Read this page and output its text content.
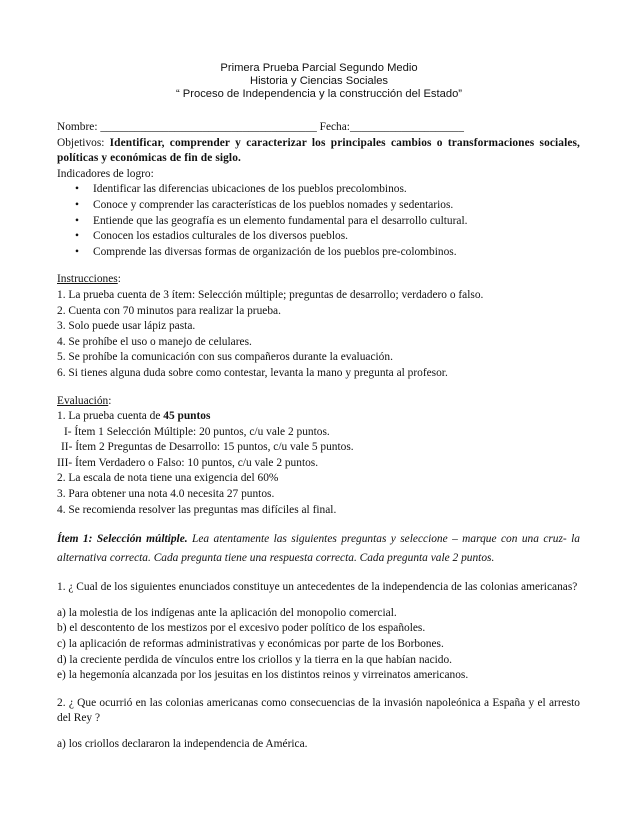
Primera Prueba Parcial Segundo Medio
Historia y Ciencias Sociales
“ Proceso de Independencia y la construcción del Estado”

Nombre: ______________________________________ Fecha:____________________

Objetivos: Identificar, comprender y caracterizar los principales cambios o transformaciones sociales, políticas y económicas de fin de siglo.

Indicadores de logro:

• Identificar las diferencias ubicaciones de los pueblos precolombinos.
• Conoce y comprender las características de los pueblos nomades y sedentarios.
• Entiende que las geografía es un elemento fundamental para el desarrollo cultural.
• Conocen los estadios culturales de los diversos pueblos.
• Comprende las diversas formas de organización de los pueblos pre-colombinos.

Instrucciones:

1. La prueba cuenta de 3 ítem: Selección múltiple; preguntas de desarrollo; verdadero o falso.

2. Cuenta con 70 minutos para realizar la prueba.

3. Solo puede usar lápiz pasta.

4. Se prohíbe el uso o manejo de celulares.

5. Se prohíbe la comunicación con sus compañeros durante la evaluación.

6. Si tienes alguna duda sobre como contestar, levanta la mano y pregunta al profesor.

Evaluación:

1. La prueba cuenta de 45 puntos

I- Ítem 1 Selección Múltiple: 20 puntos, c/u vale 2 puntos.

II- Ítem 2 Preguntas de Desarrollo: 15 puntos, c/u vale 5 puntos.

III- Ítem Verdadero o Falso: 10 puntos, c/u vale 2 puntos.

2. La escala de nota tiene una exigencia del 60%

3. Para obtener una nota 4.0 necesita 27 puntos.

4. Se recomienda resolver las preguntas mas difíciles al final.

Ítem 1: Selección múltiple. Lea atentamente las siguientes preguntas y seleccione – marque con una cruz- la alternativa correcta. Cada pregunta tiene una respuesta correcta. Cada pregunta vale 2 puntos.

1. ¿ Cual de los siguientes enunciados constituye un antecedentes de la independencia de las colonias americanas?

a) la molestia de los indígenas ante la aplicación del monopolio comercial.

b) el descontento de los mestizos por el excesivo poder político de los españoles.

c) la aplicación de reformas administrativas y económicas por parte de los Borbones.

d) la creciente perdida de vínculos entre los criollos y la tierra en la que habían nacido.

e) la hegemonía alcanzada por los jesuitas en los distintos reinos y virreinatos americanos.

2. ¿ Que ocurrió en las colonias americanas como consecuencias de la invasión napoleónica a España y el arresto del Rey ?

a) los criollos declararon la independencia de América.
